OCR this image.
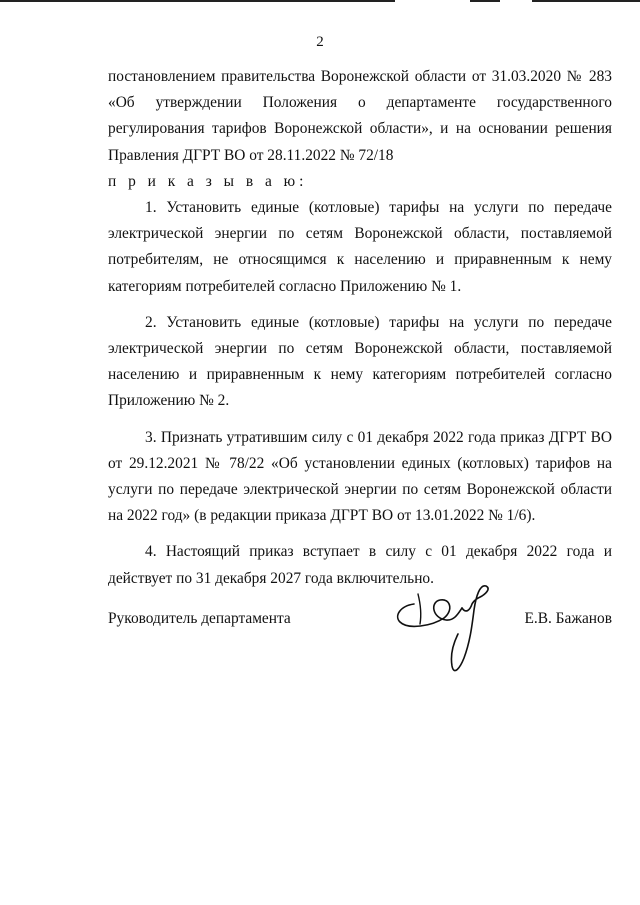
2

постановлением правительства Воронежской области от 31.03.2020 № 283 «Об утверждении Положения о департаменте государственного регулирования тарифов Воронежской области», и на основании решения Правления ДГРТ ВО от 28.11.2022 № 72/18

п р и к а з ы в а ю:

1. Установить единые (котловые) тарифы на услуги по передаче электрической энергии по сетям Воронежской области, поставляемой потребителям, не относящимся к населению и приравненным к нему категориям потребителей согласно Приложению № 1.

2. Установить единые (котловые) тарифы на услуги по передаче электрической энергии по сетям Воронежской области, поставляемой населению и приравненным к нему категориям потребителей согласно Приложению № 2.

3. Признать утратившим силу с 01 декабря 2022 года приказ ДГРТ ВО от 29.12.2021 № 78/22 «Об установлении единых (котловых) тарифов на услуги по передаче электрической энергии по сетям Воронежской области на 2022 год» (в редакции приказа ДГРТ ВО от 13.01.2022 № 1/6).

4. Настоящий приказ вступает в силу с 01 декабря 2022 года и действует по 31 декабря 2027 года включительно.

Руководитель департамента	Е.В. Бажанов
